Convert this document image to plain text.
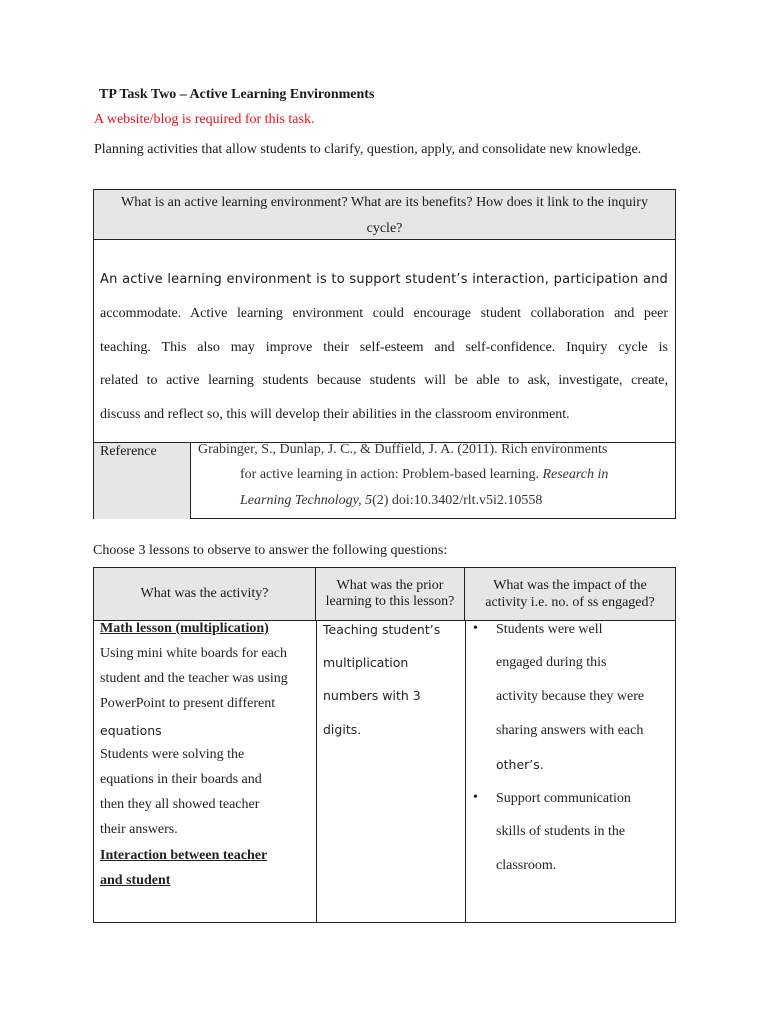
TP Task Two – Active Learning Environments
A website/blog is required for this task.
Planning activities that allow students to clarify, question, apply, and consolidate new knowledge.
What is an active learning environment? What are its benefits? How does it link to the inquiry cycle?
Reference
An active learning environment is to support student’s interaction, participation and
accommodate. Active learning environment could encourage student collaboration and peer
teaching. This also may improve their self-esteem and self-confidence. Inquiry cycle is
related to active learning students because students will be able to ask, investigate, create,
discuss and reflect so, this will develop their abilities in the classroom environment.
Grabinger, S., Dunlap, J. C., & Duffield, J. A. (2011). Rich environments
for active learning in action: Problem-based learning. Research in
Learning Technology, 5(2) doi:10.3402/rlt.v5i2.10558
Choose 3 lessons to observe to answer the following questions:
What was the activity?
What was the prior learning to this lesson?
What was the impact of the activity i.e. no. of ss engaged?
Math lesson (multiplication)
Using mini white boards for each
student and the teacher was using
PowerPoint to present different
equations
Students were solving the
equations in their boards and
then they all showed teacher
their answers.
Interaction between teacher
and student
Teaching student’s
multiplication
numbers with 3
digits.
• Students were well
engaged during this
activity because they were
sharing answers with each
other’s.
• Support communication
skills of students in the
classroom.
